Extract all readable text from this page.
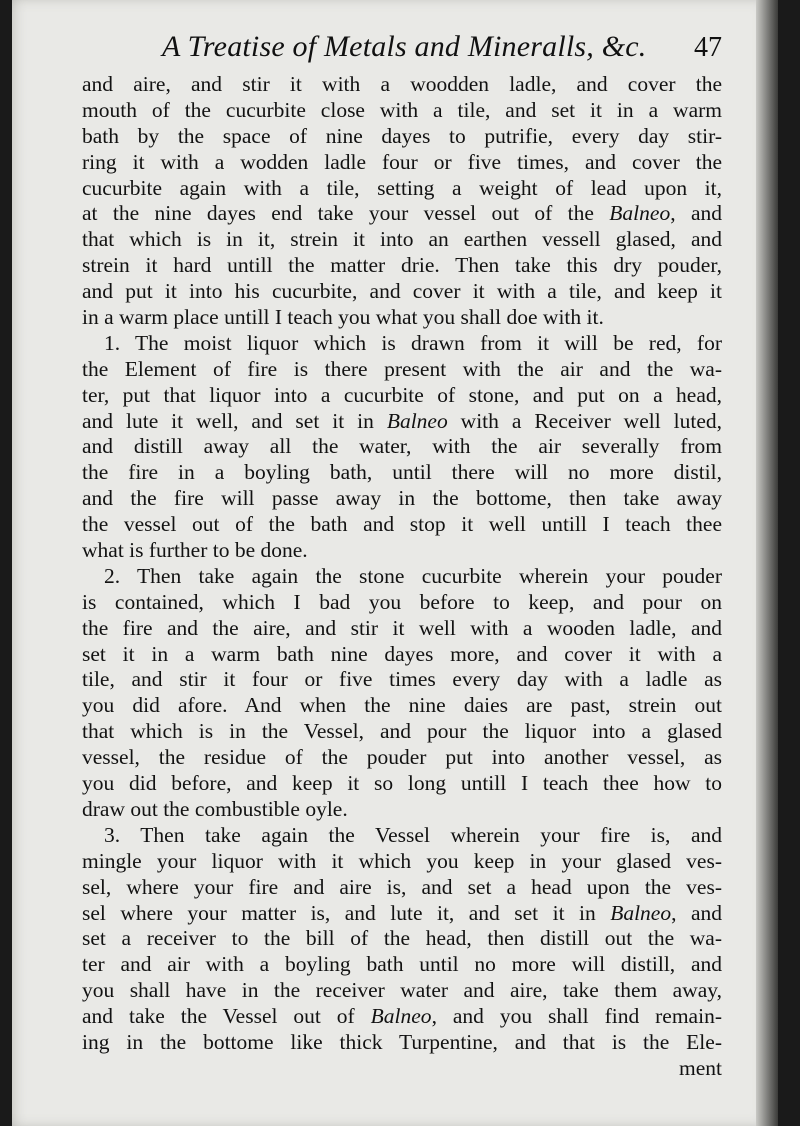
A Treatise of Metals and Mineralls, &c. 47
and aire, and stir it with a woodden ladle, and cover the
mouth of the cucurbite close with a tile, and set it in a warm
bath by the space of nine dayes to putrifie, every day stir-
ring it with a wodden ladle four or five times, and cover the
cucurbite again with a tile, setting a weight of lead upon it,
at the nine dayes end take your vessel out of the Balneo, and
that which is in it, strein it into an earthen vessell glased, and
strein it hard untill the matter drie. Then take this dry pouder,
and put it into his cucurbite, and cover it with a tile, and keep it
in a warm place untill I teach you what you shall doe with it.
1. The moist liquor which is drawn from it will be red, for
the Element of fire is there present with the air and the wa-
ter, put that liquor into a cucurbite of stone, and put on a head,
and lute it well, and set it in Balneo with a Receiver well luted,
and distill away all the water, with the air severally from
the fire in a boyling bath, until there will no more distil,
and the fire will passe away in the bottome, then take away
the vessel out of the bath and stop it well untill I teach thee
what is further to be done.
2. Then take again the stone cucurbite wherein your pouder
is contained, which I bad you before to keep, and pour on
the fire and the aire, and stir it well with a wooden ladle, and
set it in a warm bath nine dayes more, and cover it with a
tile, and stir it four or five times every day with a ladle as
you did afore. And when the nine daies are past, strein out
that which is in the Vessel, and pour the liquor into a glased
vessel, the residue of the pouder put into another vessel, as
you did before, and keep it so long untill I teach thee how to
draw out the combustible oyle.
3. Then take again the Vessel wherein your fire is, and
mingle your liquor with it which you keep in your glased ves-
sel, where your fire and aire is, and set a head upon the ves-
sel where your matter is, and lute it, and set it in Balneo, and
set a receiver to the bill of the head, then distill out the wa-
ter and air with a boyling bath until no more will distill, and
you shall have in the receiver water and aire, take them away,
and take the Vessel out of Balneo, and you shall find remain-
ing in the bottome like thick Turpentine, and that is the Ele-
ment
